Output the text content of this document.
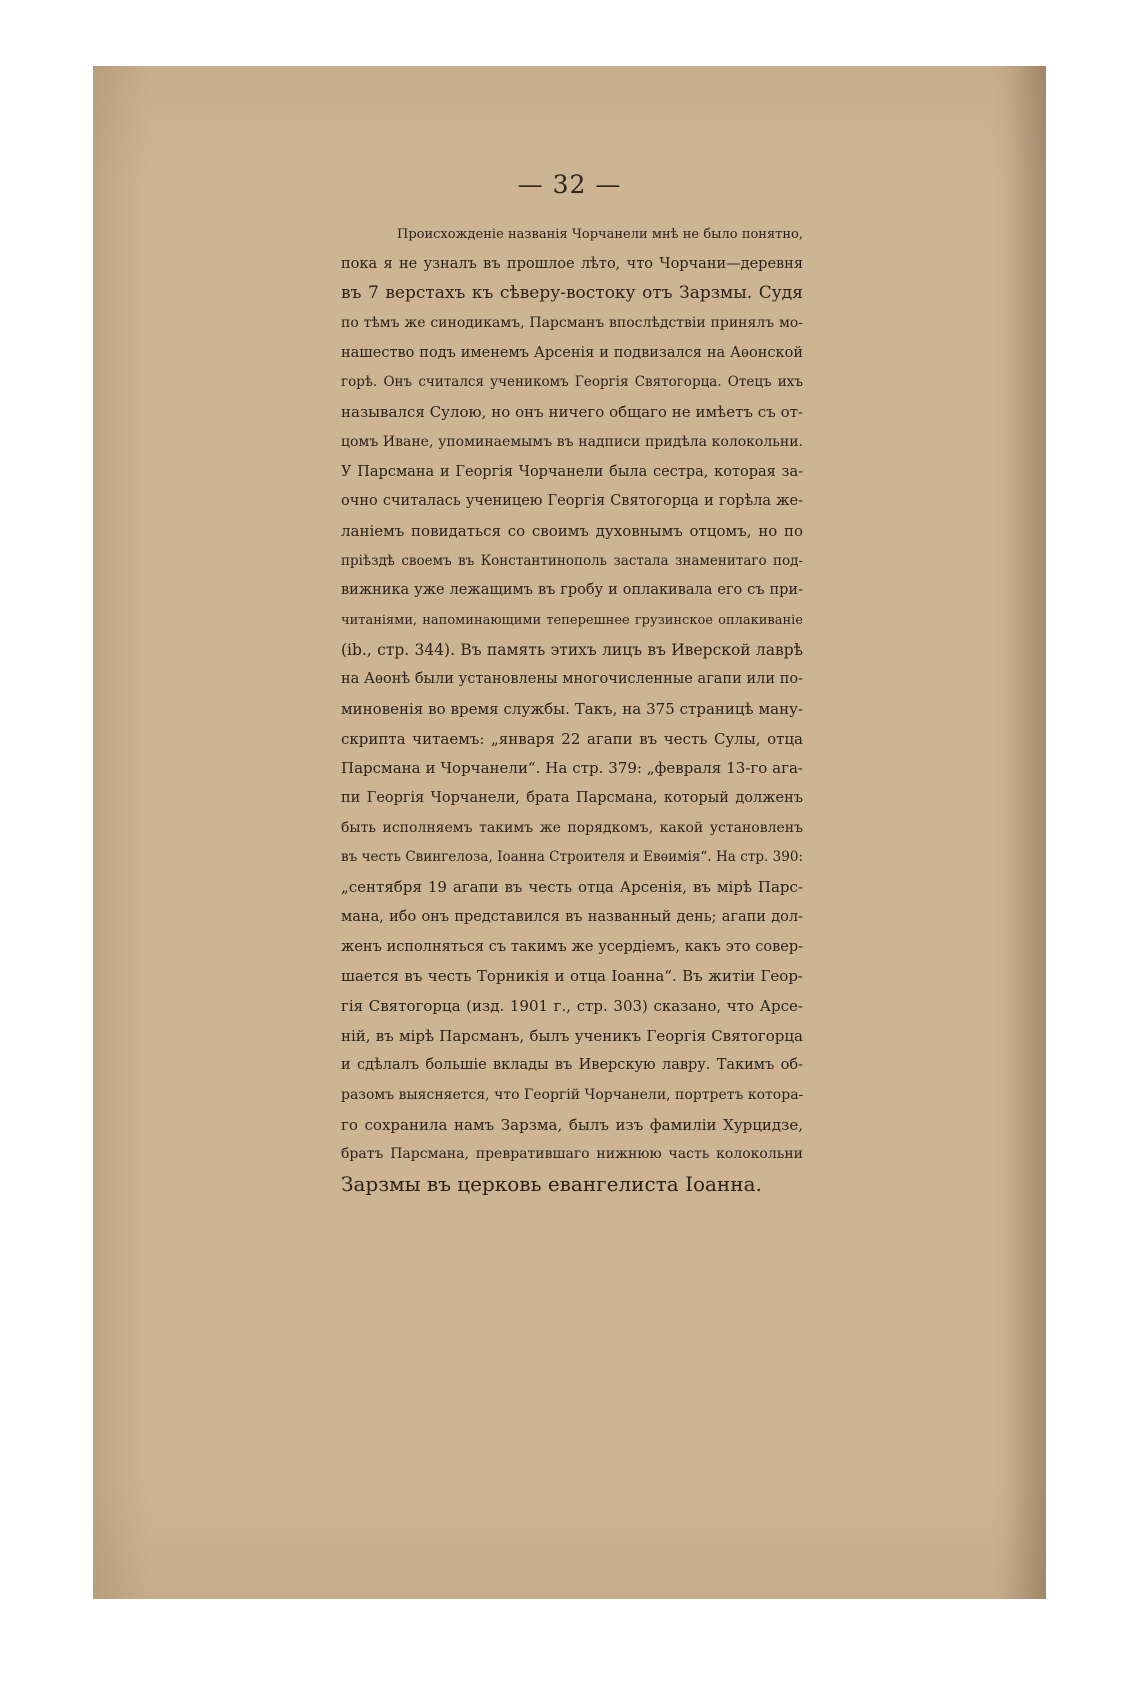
— 32 —
Происхожденіе названія Чорчанели мнѣ не было понятно,
пока я не узналъ въ прошлое лѣто, что Чорчани—деревня
въ 7 верстахъ къ сѣверу-востоку отъ Зарзмы. Судя
по тѣмъ же синодикамъ, Парсманъ впослѣдствіи принялъ мо-
нашество подъ именемъ Арсенія и подвизался на Аѳонской
горѣ. Онъ считался ученикомъ Георгія Святогорца. Отецъ ихъ
назывался Сулою, но онъ ничего общаго не имѣетъ съ от-
цомъ Иване, упоминаемымъ въ надписи придѣла колокольни.
У Парсмана и Георгія Чорчанели была сестра, которая за-
очно считалась ученицею Георгія Святогорца и горѣла же-
ланіемъ повидаться со своимъ духовнымъ отцомъ, но по
пріѣздѣ своемъ въ Константинополь застала знаменитаго под-
вижника уже лежащимъ въ гробу и оплакивала его съ при-
читаніями, напоминающими теперешнее грузинское оплакиваніе
(ib., стр. 344). Въ память этихъ лицъ въ Иверской лаврѣ
на Аѳонѣ были установлены многочисленные агапи или по-
миновенія во время службы. Такъ, на 375 страницѣ ману-
скрипта читаемъ: „января 22 агапи въ честь Сулы, отца
Парсмана и Чорчанели“. На стр. 379: „февраля 13-го ага-
пи Георгія Чорчанели, брата Парсмана, который долженъ
быть исполняемъ такимъ же порядкомъ, какой установленъ
въ честь Свингелоза, Іоанна Строителя и Евѳимія“. На стр. 390:
„сентября 19 агапи въ честь отца Арсенія, въ мірѣ Парс-
мана, ибо онъ представился въ названный день; агапи дол-
женъ исполняться съ такимъ же усердіемъ, какъ это совер-
шается въ честь Торникія и отца Іоанна“. Въ житіи Геор-
гія Святогорца (изд. 1901 г., стр. 303) сказано, что Арсе-
ній, въ мірѣ Парсманъ, былъ ученикъ Георгія Святогорца
и сдѣлалъ большіе вклады въ Иверскую лавру. Такимъ об-
разомъ выясняется, что Георгій Чорчанели, портретъ котора-
го сохранила намъ Зарзма, былъ изъ фамиліи Хурцидзе,
братъ Парсмана, превратившаго нижнюю часть колокольни
Зарзмы въ церковь евангелиста Іоанна.
